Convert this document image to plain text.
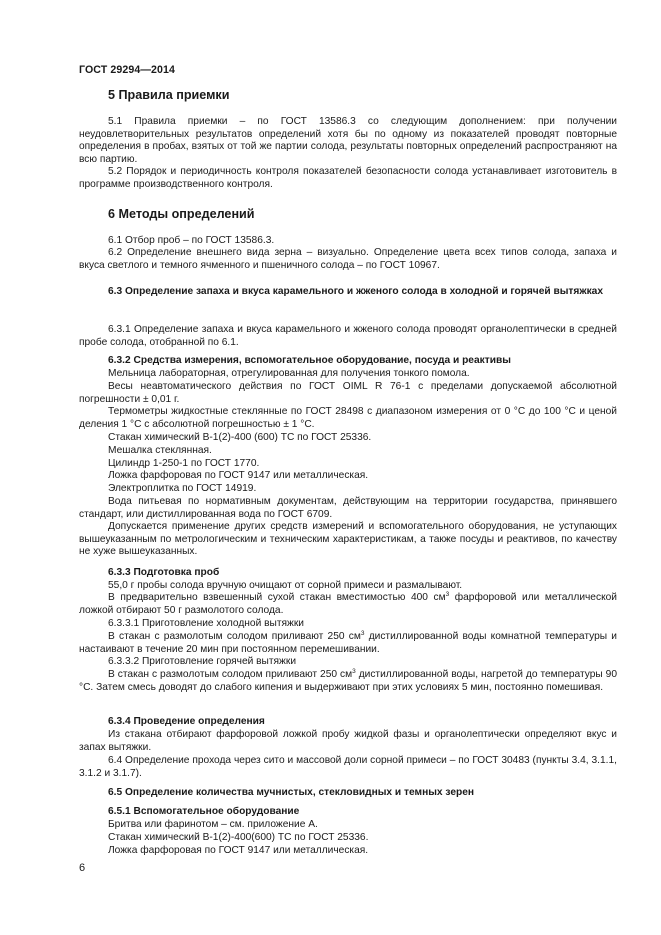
ГОСТ 29294—2014
5 Правила приемки
5.1 Правила приемки – по ГОСТ 13586.3 со следующим дополнением: при получении неудовлетворительных результатов определений хотя бы по одному из показателей проводят повторные определения в пробах, взятых от той же партии солода, результаты повторных определений распространяют на всю партию.
5.2 Порядок и периодичность контроля показателей безопасности солода устанавливает изготовитель в программе производственного контроля.
6 Методы определений
6.1 Отбор проб – по ГОСТ 13586.3.
6.2 Определение внешнего вида зерна – визуально. Определение цвета всех типов солода, запаха и вкуса светлого и темного ячменного и пшеничного солода – по ГОСТ 10967.
6.3 Определение запаха и вкуса карамельного и жженого солода в холодной и горячей вытяжках
6.3.1 Определение запаха и вкуса карамельного и жженого солода проводят органолептически в средней пробе солода, отобранной по 6.1.
6.3.2 Средства измерения, вспомогательное оборудование, посуда и реактивы
Мельница лабораторная, отрегулированная для получения тонкого помола.
Весы неавтоматического действия по ГОСТ OIML R 76-1 с пределами допускаемой абсолютной погрешности ± 0,01 г.
Термометры жидкостные стеклянные по ГОСТ 28498 с диапазоном измерения от 0 °C до 100 °C и ценой деления 1 °C с абсолютной погрешностью ± 1 °C.
Стакан химический В-1(2)-400 (600) ТС по ГОСТ 25336.
Мешалка стеклянная.
Цилиндр 1-250-1 по ГОСТ 1770.
Ложка фарфоровая по ГОСТ 9147 или металлическая.
Электроплитка по ГОСТ 14919.
Вода питьевая по нормативным документам, действующим на территории государства, принявшего стандарт, или дистиллированная вода по ГОСТ 6709.
Допускается применение других средств измерений и вспомогательного оборудования, не уступающих вышеуказанным по метрологическим и техническим характеристикам, а также посуды и реактивов, по качеству не хуже вышеуказанных.
6.3.3 Подготовка проб
55,0 г пробы солода вручную очищают от сорной примеси и размалывают.
В предварительно взвешенный сухой стакан вместимостью 400 $см^3$ фарфоровой или металлической ложкой отбирают 50 г размолотого солода.
6.3.3.1 Приготовление холодной вытяжки
В стакан с размолотым солодом приливают 250 $см^3$ дистиллированной воды комнатной температуры и настаивают в течение 20 мин при постоянном перемешивании.
6.3.3.2 Приготовление горячей вытяжки
В стакан с размолотым солодом приливают 250 $см^3$ дистиллированной воды, нагретой до температуры 90 °C. Затем смесь доводят до слабого кипения и выдерживают при этих условиях 5 мин, постоянно помешивая.
6.3.4 Проведение определения
Из стакана отбирают фарфоровой ложкой пробу жидкой фазы и органолептически определяют вкус и запах вытяжки.
6.4 Определение прохода через сито и массовой доли сорной примеси – по ГОСТ 30483 (пункты 3.4, 3.1.1, 3.1.2 и 3.1.7).
6.5 Определение количества мучнистых, стекловидных и темных зерен
6.5.1 Вспомогательное оборудование
Бритва или фаринотом – см. приложение А.
Стакан химический В-1(2)-400(600) ТС по ГОСТ 25336.
Ложка фарфоровая по ГОСТ 9147 или металлическая.
6
